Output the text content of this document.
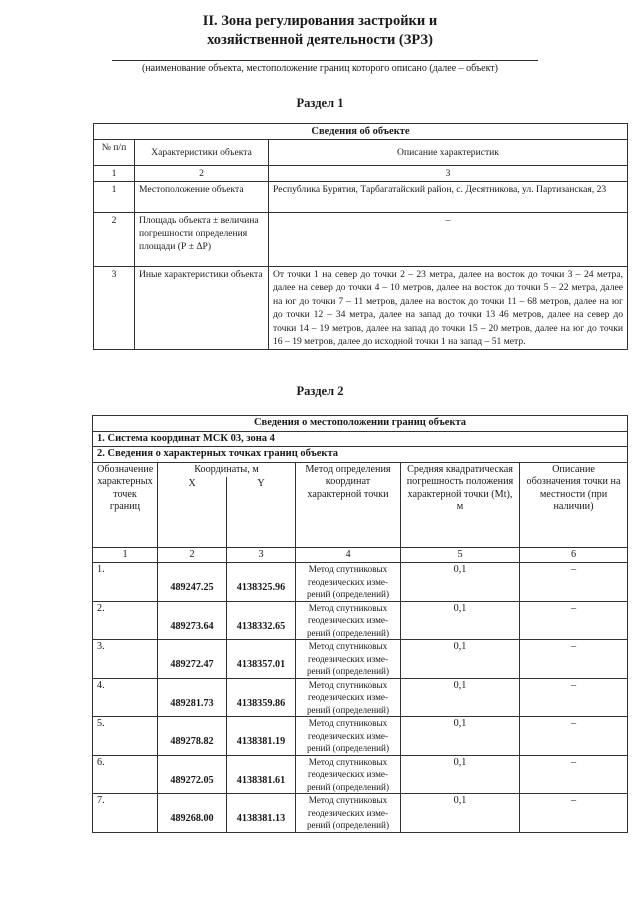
II. Зона регулирования застройки и
хозяйственной деятельности (ЗРЗ)
(наименование объекта, местоположение границ которого описано (далее – объект)
Раздел 1
Сведения об объекте		
№ п/п	Характеристики объекта	Описание характеристик
1	2	3
1	Местоположение объекта	Республика Бурятия, Тарбагатайский район, с. Десятникова, ул. Партизанская, 23
2	Площадь объекта ± величина погрешности определения площади (Р ± ΔР)	–
3	Иные характеристики объекта	От точки 1 на север до точки 2 – 23 метра, далее на восток до точки 3 – 24 метра, далее на север до точки 4 – 10 метров, далее на восток до точки 5 – 22 метра, далее на юг до точки 7 – 11 метров, далее на восток до точки 11 – 68 метров, далее на юг до точки 12 – 34 метра, далее на запад до точки 13 46 метров, далее на север до точки 14 – 19 метров, далее на запад до точки 15 – 20 метров, далее на юг до точки 16 – 19 метров, далее до исходной точки 1 на запад – 51 метр.
Раздел 2
Сведения о местоположении границ объекта					
1. Система координат МСК 03, зона 4					
2. Сведения о характерных точках границ объекта					
Обозначение характерных точек границ	Координаты, м		Метод определения координат характерной точки	Средняя квадратическая погрешность положения характерной точки (Mt), м	Описание обозначения точки на местности (при наличии)
	X	Y			
1	2	3	4	5	6
1.	489247.25	4138325.96	Метод спутниковых геодезических изме-рений (определений)	0,1	–
2.	489273.64	4138332.65	Метод спутниковых геодезических изме-рений (определений)	0,1	–
3.	489272.47	4138357.01	Метод спутниковых геодезических изме-рений (определений)	0,1	–
4.	489281.73	4138359.86	Метод спутниковых геодезических изме-рений (определений)	0,1	–
5.	489278.82	4138381.19	Метод спутниковых геодезических изме-рений (определений)	0,1	–
6.	489272.05	4138381.61	Метод спутниковых геодезических изме-рений (определений)	0,1	–
7.	489268.00	4138381.13	Метод спутниковых геодезических изме-рений (определений)	0,1	–
